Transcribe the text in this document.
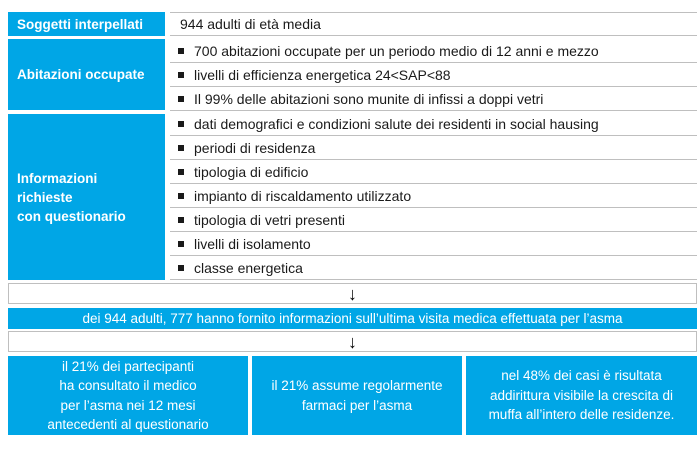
Soggetti interpellati	944 adulti di età media
Abitazioni occupate
700 abitazioni occupate per un periodo medio di 12 anni e mezzo
livelli di efficienza energetica 24<SAP<88
Il 99% delle abitazioni sono munite di infissi a doppi vetri
Informazioni
richieste
con questionario
dati demografici e condizioni salute dei residenti in social hausing
periodi di residenza
tipologia di edificio
impianto di riscaldamento utilizzato
tipologia di vetri presenti
livelli di isolamento
classe energetica
↓
dei 944 adulti, 777 hanno fornito informazioni sull’ultima visita medica effettuata per l’asma
↓
il 21% dei partecipanti
ha consultato il medico
per l’asma nei 12 mesi
antecedenti al questionario
il 21% assume regolarmente
farmaci per l’asma
nel 48% dei casi è risultata
addirittura visibile la crescita di
muffa all’intero delle residenze.
